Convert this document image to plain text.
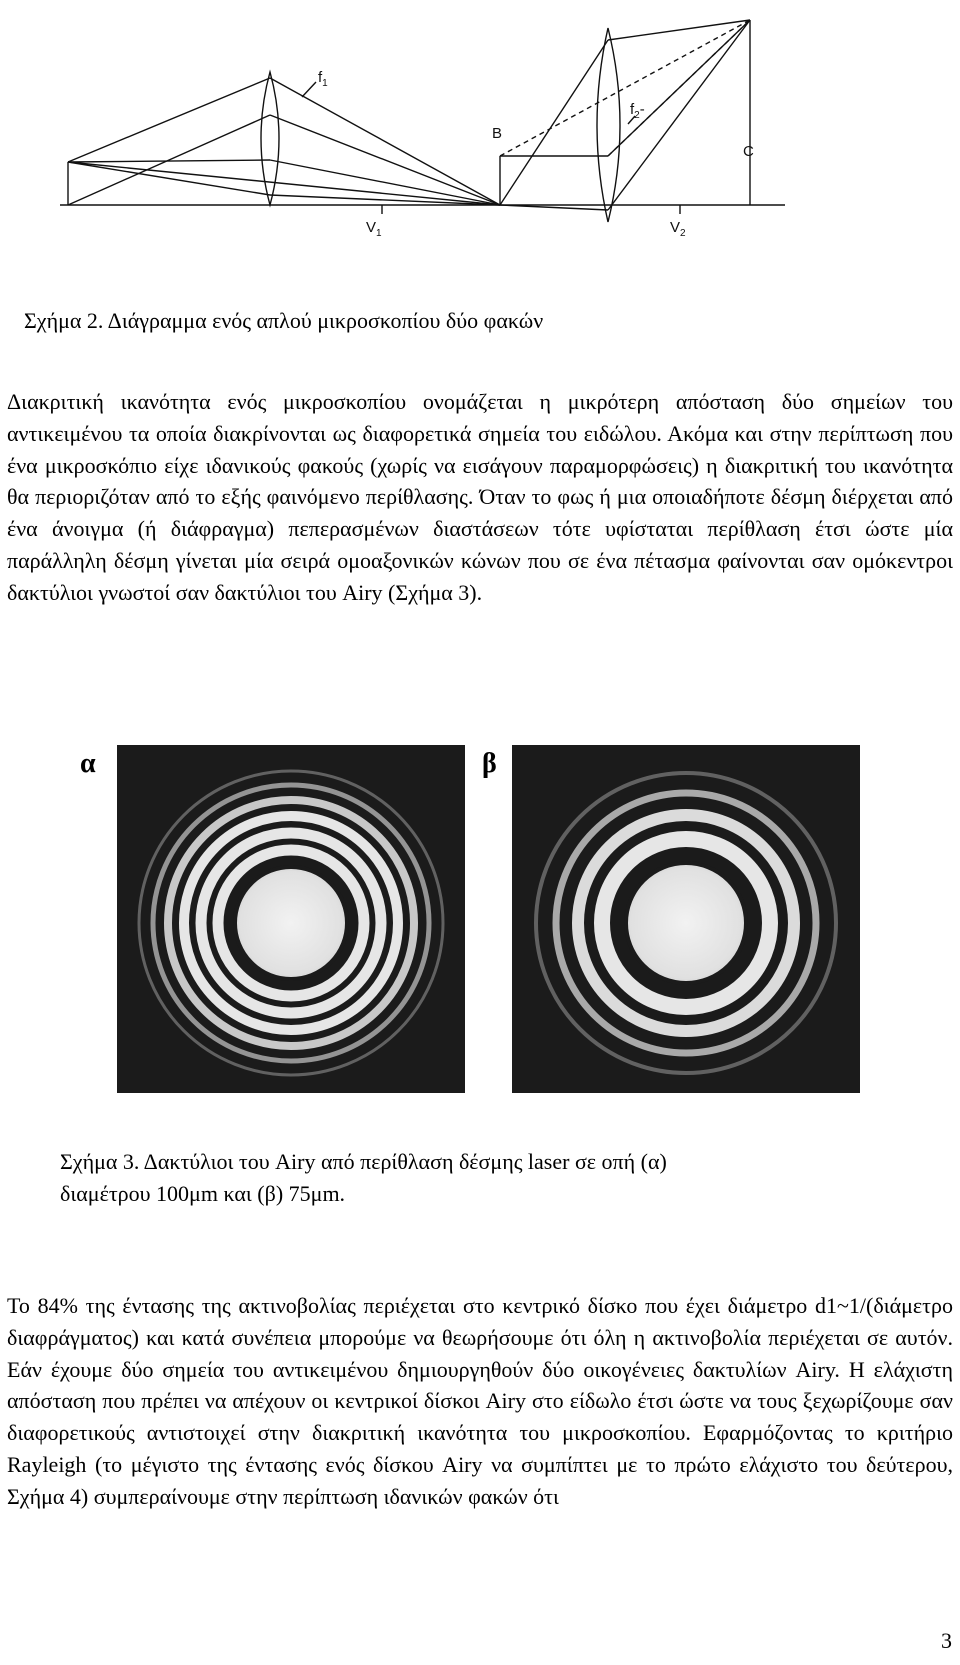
$f_1$
$f_2-$
B
C
$V_1$	$V_2$
Σχήμα 2. Διάγραμμα ενός απλού μικροσκοπίου δύο φακών

Διακριτική ικανότητα ενός μικροσκοπίου ονομάζεται η μικρότερη απόσταση δύο σημείων του αντικειμένου τα οποία διακρίνονται ως διαφορετικά σημεία του ειδώλου. Ακόμα και στην περίπτωση που ένα μικροσκόπιο είχε ιδανικούς φακούς (χωρίς να εισάγουν παραμορφώσεις) η διακριτική του ικανότητα θα περιοριζόταν από το εξής φαινόμενο περίθλασης. Όταν το φως ή μια οποιαδήποτε δέσμη διέρχεται από ένα άνοιγμα (ή διάφραγμα) πεπερασμένων διαστάσεων τότε υφίσταται περίθλαση έτσι ώστε μία παράλληλη δέσμη γίνεται μία σειρά ομοαξονικών κώνων που σε ένα πέτασμα φαίνονται σαν ομόκεντροι δακτύλιοι γνωστοί σαν δακτύλιοι του Airy (Σχήμα 3).

α	β
Σχήμα 3. Δακτύλιοι του Airy από περίθλαση δέσμης laser σε οπή (α)
διαμέτρου 100μm και (β) 75μm.

Το 84% της έντασης της ακτινοβολίας περιέχεται στο κεντρικό δίσκο που έχει διάμετρο d1~1/(διάμετρο διαφράγματος) και κατά συνέπεια μπορούμε να θεωρήσουμε ότι όλη η ακτινοβολία περιέχεται σε αυτόν. Εάν έχουμε δύο σημεία του αντικειμένου δημιουργηθούν δύο οικογένειες δακτυλίων Airy. Η ελάχιστη απόσταση που πρέπει να απέχουν οι κεντρικοί δίσκοι Airy στο είδωλο έτσι ώστε να τους ξεχωρίζουμε σαν διαφορετικούς αντιστοιχεί στην διακριτική ικανότητα του μικροσκοπίου. Εφαρμόζοντας το κριτήριο Rayleigh (το μέγιστο της έντασης ενός δίσκου Airy να συμπίπτει με το πρώτο ελάχιστο του δεύτερου, Σχήμα 4) συμπεραίνουμε στην περίπτωση ιδανικών φακών ότι

3
